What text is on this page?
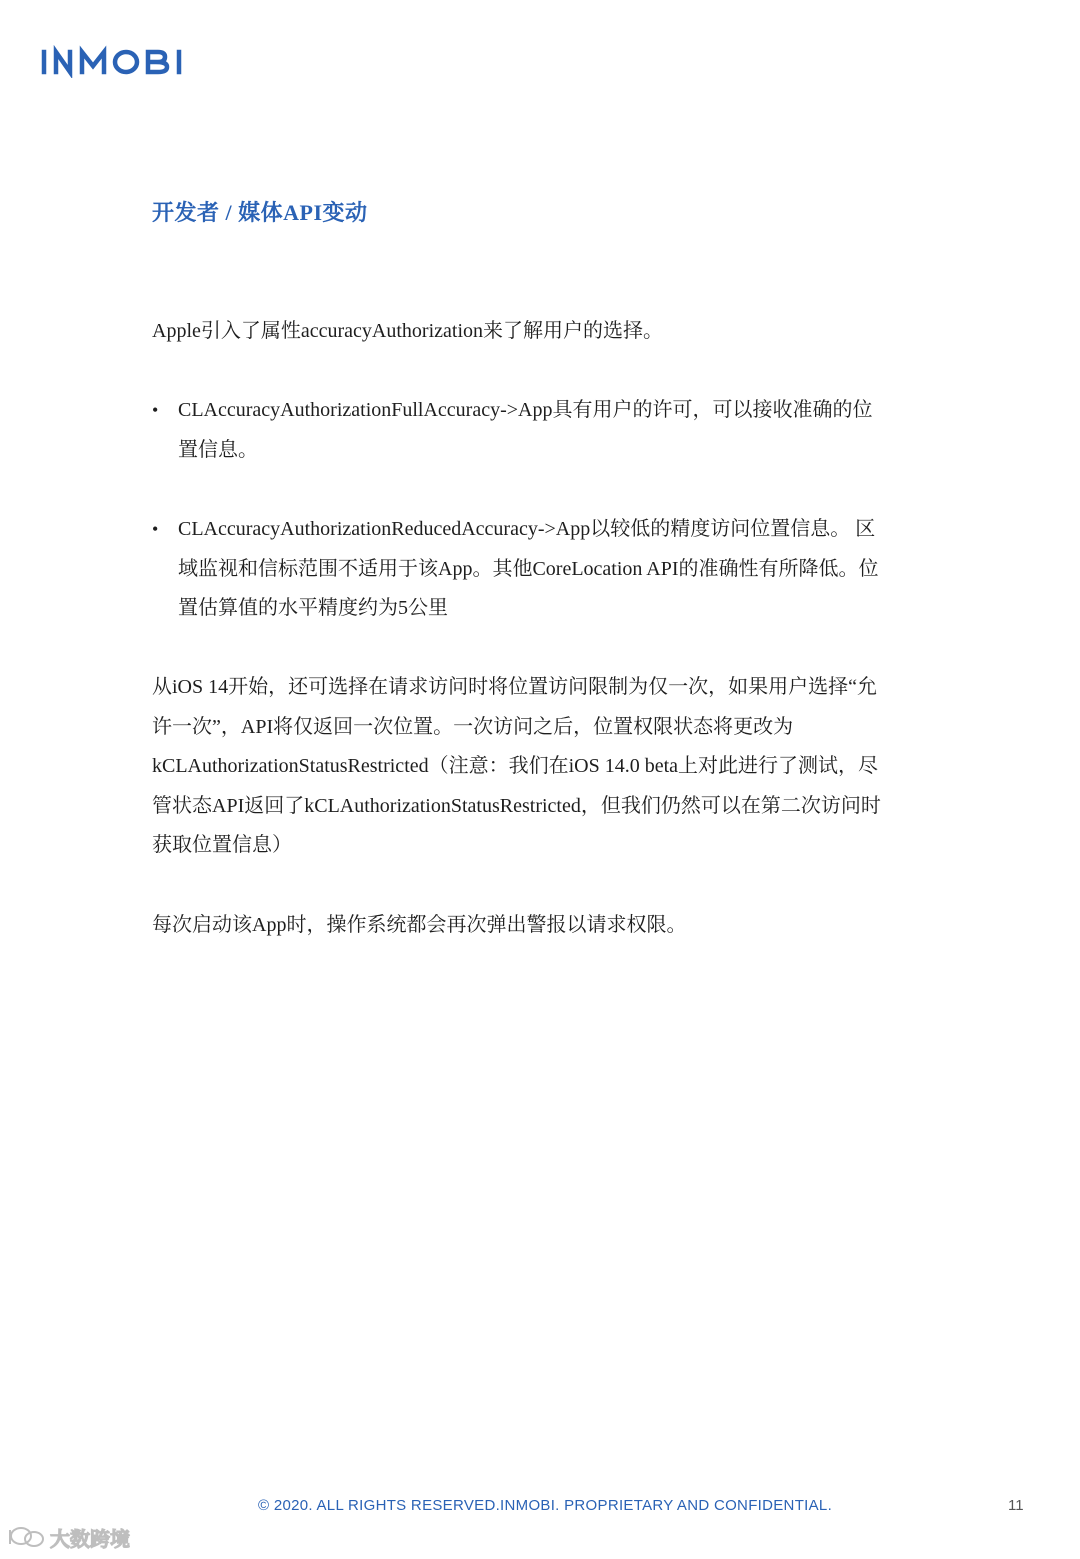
开发者 / 媒体API变动

Apple引入了属性accuracyAuthorization来了解用户的选择。

• CLAccuracyAuthorizationFullAccuracy->App具有用户的许可，可以接收准确的位
置信息。
• CLAccuracyAuthorizationReducedAccuracy->App以较低的精度访问位置信息。 区
域监视和信标范围不适用于该App。其他CoreLocation API的准确性有所降低。位
置估算值的水平精度约为5公里
从iOS 14开始，还可选择在请求访问时将位置访问限制为仅一次，如果用户选择“允
许一次”，API将仅返回一次位置。一次访问之后，位置权限状态将更改为
kCLAuthorizationStatusRestricted（注意：我们在iOS 14.0 beta上对此进行了测试，尽
管状态API返回了kCLAuthorizationStatusRestricted，但我们仍然可以在第二次访问时
获取位置信息）

每次启动该App时，操作系统都会再次弹出警报以请求权限。

© 2020. ALL RIGHTS RESERVED.INMOBI. PROPRIETARY AND CONFIDENTIAL.	11
大数跨境
